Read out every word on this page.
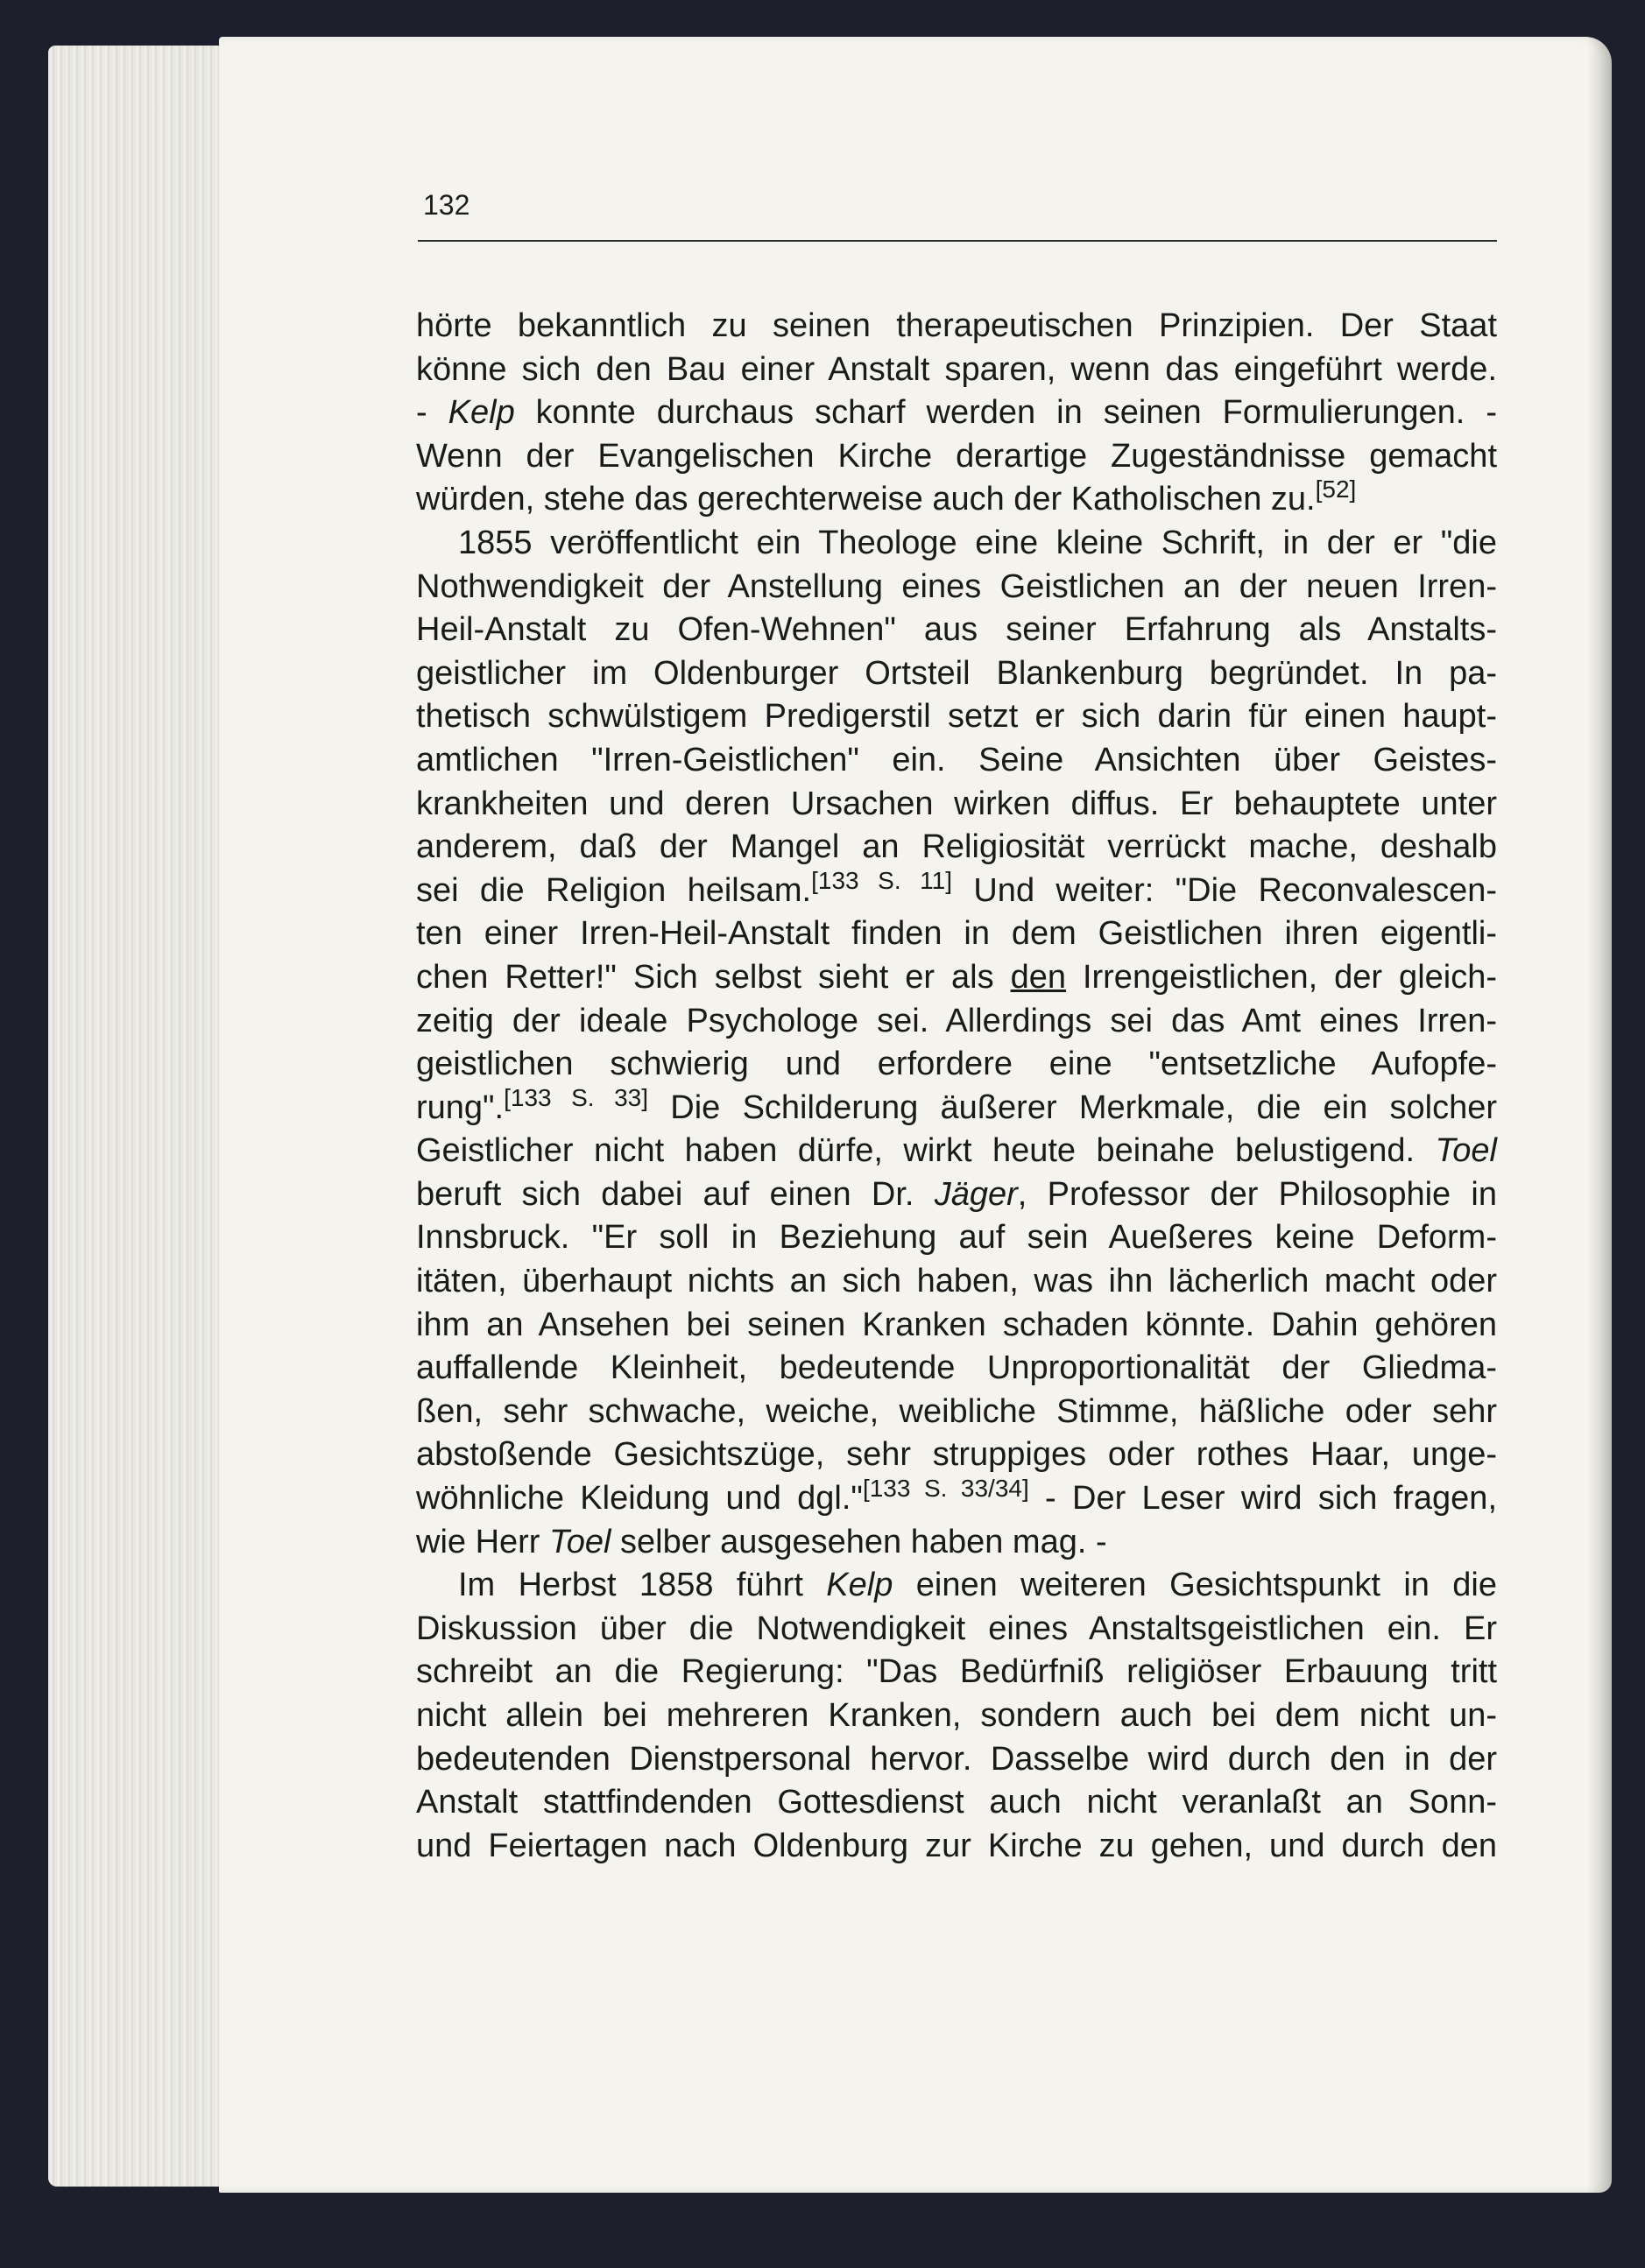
132
hörte bekanntlich zu seinen therapeutischen Prinzipien. Der Staat
könne sich den Bau einer Anstalt sparen, wenn das eingeführt werde.
- Kelp konnte durchaus scharf werden in seinen Formulierungen. -
Wenn der Evangelischen Kirche derartige Zugeständnisse gemacht
würden, stehe das gerechterweise auch der Katholischen zu.[52]
1855 veröffentlicht ein Theologe eine kleine Schrift, in der er "die
Nothwendigkeit der Anstellung eines Geistlichen an der neuen Irren-
Heil-Anstalt zu Ofen-Wehnen" aus seiner Erfahrung als Anstalts-
geistlicher im Oldenburger Ortsteil Blankenburg begründet. In pa-
thetisch schwülstigem Predigerstil setzt er sich darin für einen haupt-
amtlichen "Irren-Geistlichen" ein. Seine Ansichten über Geistes-
krankheiten und deren Ursachen wirken diffus. Er behauptete unter
anderem, daß der Mangel an Religiosität verrückt mache, deshalb
sei die Religion heilsam.[133 S. 11] Und weiter: "Die Reconvalescen-
ten einer Irren-Heil-Anstalt finden in dem Geistlichen ihren eigentli-
chen Retter!" Sich selbst sieht er als den Irrengeistlichen, der gleich-
zeitig der ideale Psychologe sei. Allerdings sei das Amt eines Irren-
geistlichen schwierig und erfordere eine "entsetzliche Aufopfe-
rung".[133 S. 33] Die Schilderung äußerer Merkmale, die ein solcher
Geistlicher nicht haben dürfe, wirkt heute beinahe belustigend. Toel
beruft sich dabei auf einen Dr. Jäger, Professor der Philosophie in
Innsbruck. "Er soll in Beziehung auf sein Aueßeres keine Deform-
itäten, überhaupt nichts an sich haben, was ihn lächerlich macht oder
ihm an Ansehen bei seinen Kranken schaden könnte. Dahin gehören
auffallende Kleinheit, bedeutende Unproportionalität der Gliedma-
ßen, sehr schwache, weiche, weibliche Stimme, häßliche oder sehr
abstoßende Gesichtszüge, sehr struppiges oder rothes Haar, unge-
wöhnliche Kleidung und dgl."[133 S. 33/34] - Der Leser wird sich fragen,
wie Herr Toel selber ausgesehen haben mag. -
Im Herbst 1858 führt Kelp einen weiteren Gesichtspunkt in die
Diskussion über die Notwendigkeit eines Anstaltsgeistlichen ein. Er
schreibt an die Regierung: "Das Bedürfniß religiöser Erbauung tritt
nicht allein bei mehreren Kranken, sondern auch bei dem nicht un-
bedeutenden Dienstpersonal hervor. Dasselbe wird durch den in der
Anstalt stattfindenden Gottesdienst auch nicht veranlaßt an Sonn-
und Feiertagen nach Oldenburg zur Kirche zu gehen, und durch den
